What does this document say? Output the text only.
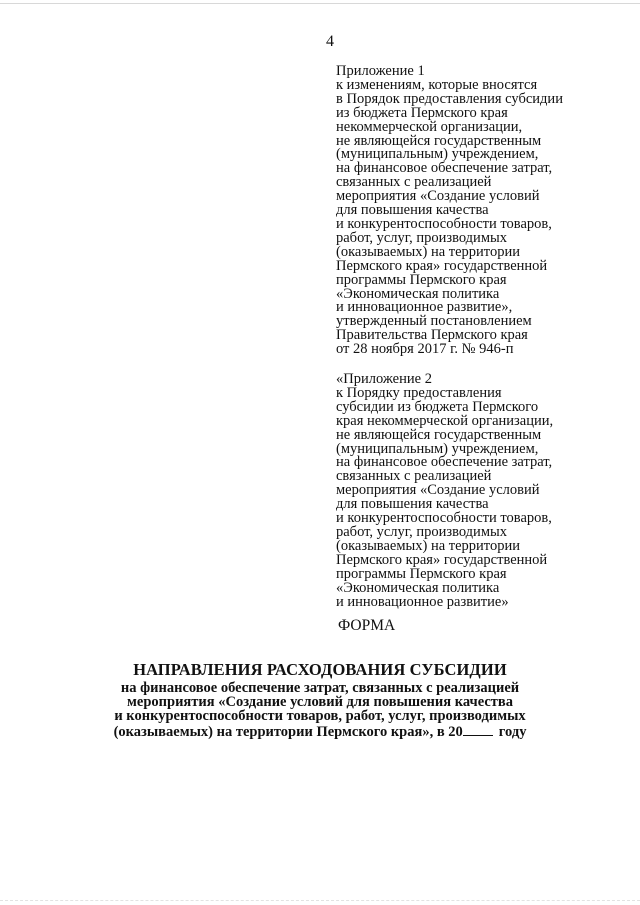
4
Приложение 1
к изменениям, которые вносятся
в Порядок предоставления субсидии
из бюджета Пермского края
некоммерческой организации,
не являющейся государственным
(муниципальным) учреждением,
на финансовое обеспечение затрат,
связанных с реализацией
мероприятия «Создание условий
для повышения качества
и конкурентоспособности товаров,
работ, услуг, производимых
(оказываемых) на территории
Пермского края» государственной
программы Пермского края
«Экономическая политика
и инновационное развитие»,
утвержденный постановлением
Правительства Пермского края
от 28 ноября 2017 г. № 946-п
«Приложение 2
к Порядку предоставления
субсидии из бюджета Пермского
края некоммерческой организации,
не являющейся государственным
(муниципальным) учреждением,
на финансовое обеспечение затрат,
связанных с реализацией
мероприятия «Создание условий
для повышения качества
и конкурентоспособности товаров,
работ, услуг, производимых
(оказываемых) на территории
Пермского края» государственной
программы Пермского края
«Экономическая политика
и инновационное развитие»
ФОРМА
НАПРАВЛЕНИЯ РАСХОДОВАНИЯ СУБСИДИИ
на финансовое обеспечение затрат, связанных с реализацией
мероприятия «Создание условий для повышения качества
и конкурентоспособности товаров, работ, услуг, производимых
(оказываемых) на территории Пермского края», в 20 году
